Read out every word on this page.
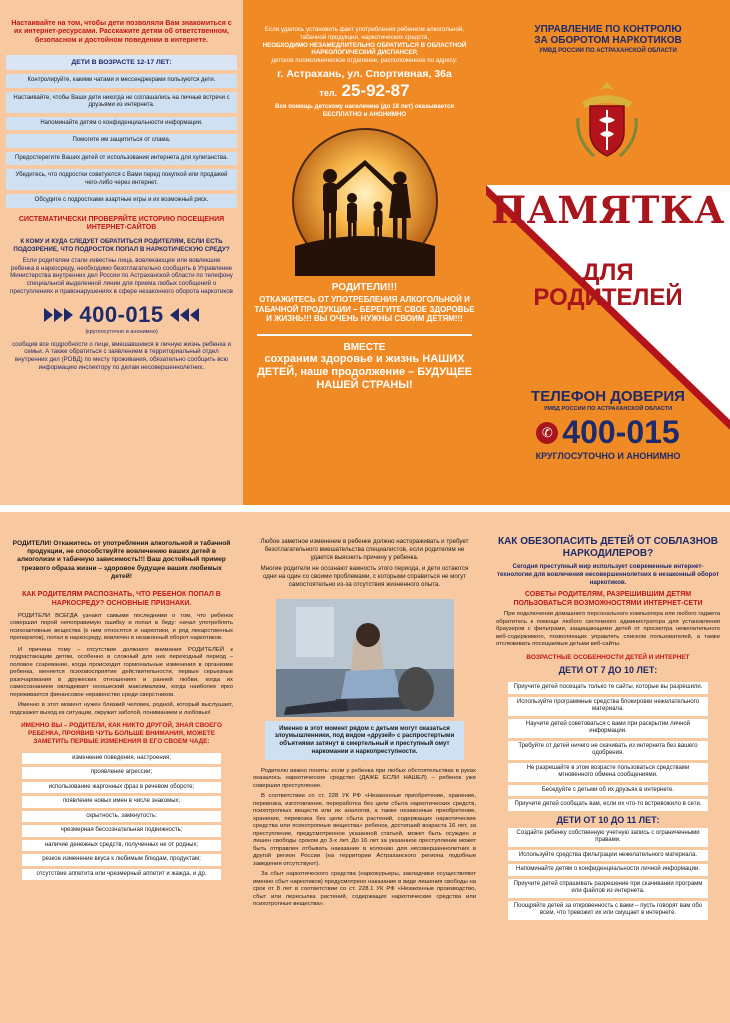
Настаивайте на том, чтобы дети позволяли Вам знакомиться с их интернет-ресурсами. Расскажите детям об ответственном, безопасном и достойном поведении в интернете.
ДЕТИ В ВОЗРАСТЕ 12-17 ЛЕТ:
Контролируйте, какими чатами и мессенджерами пользуются дети.
Настаивайте, чтобы Ваши дети никогда не соглашались на личные встречи с друзьями из интернета.
Напоминайте детям о конфиденциальности информации.
Помогите им защититься от спама.
Предостерегите Ваших детей от использования интернета для хулиганства.
Убедитесь, что подростки советуются с Вами перед покупкой или продажей чего-либо через интернет.
Обсудите с подростками азартные игры и их возможный риск.
СИСТЕМАТИЧЕСКИ ПРОВЕРЯЙТЕ ИСТОРИЮ ПОСЕЩЕНИЯ ИНТЕРНЕТ-САЙТОВ
К КОМУ И КУДА СЛЕДУЕТ ОБРАТИТЬСЯ РОДИТЕЛЯМ, ЕСЛИ ЕСТЬ ПОДОЗРЕНИЕ, ЧТО ПОДРОСТОК ПОПАЛ В НАРКОТИЧЕСКУЮ СРЕДУ?
Если родителям стали известны лица, вовлекающие или вовлекшие ребенка в наркосреду, необходимо безотлагательно сообщить в Управление Министерства внутренних дел России по Астраханской области по телефону специальной выделенной линии для приема любых сообщений о преступлениях и правонарушениях в сфере незаконного оборота наркотиков
400-015
(круглосуточно и анонимно)
сообщив все подробности о лице, вмешавшемся в личную жизнь ребенка и семьи. А также обратиться с заявлением в территориальный отдел внутренних дел (РОВД) по месту проживания, обязательно сообщить всю информацию инспектору по делам несовершеннолетних.
Если удалось установить факт употребления ребенком алкогольной, табачной продукции, наркотических средств,
НЕОБХОДИМО НЕЗАМЕДЛИТЕЛЬНО ОБРАТИТЬСЯ В ОБЛАСТНОЙ НАРКОЛОГИЧЕСКИЙ ДИСПАНСЕР,
детское поликлиническое отделение, расположенное по адресу:
г. Астрахань, ул. Спортивная, 36а
тел. 25-92-87
Вся помощь детскому населению (до 18 лет) оказывается БЕСПЛАТНО и АНОНИМНО
РОДИТЕЛИ!!!
ОТКАЖИТЕСЬ ОТ УПОТРЕБЛЕНИЯ АЛКОГОЛЬНОЙ И ТАБАЧНОЙ ПРОДУКЦИИ – БЕРЕГИТЕ СВОЕ ЗДОРОВЬЕ И ЖИЗНЬ!!! ВЫ ОЧЕНЬ НУЖНЫ СВОИМ ДЕТЯМ!!!
ВМЕСТЕ
сохраним здоровье и жизнь НАШИХ ДЕТЕЙ, наше продолжение – БУДУЩЕЕ НАШЕЙ СТРАНЫ!
УПРАВЛЕНИЕ ПО КОНТРОЛЮ
ЗА ОБОРОТОМ НАРКОТИКОВ
УМВД РОССИИ ПО АСТРАХАНСКОЙ ОБЛАСТИ
ПАМЯТКА
ДЛЯ
РОДИТЕЛЕЙ
ТЕЛЕФОН ДОВЕРИЯ
УМВД РОССИИ ПО АСТРАХАНСКОЙ ОБЛАСТИ
✆ 400-015
КРУГЛОСУТОЧНО И АНОНИМНО
РОДИТЕЛИ! Откажитесь от употребления алкогольной и табачной продукции, не способствуйте вовлечению ваших детей в алкоголизм и табачную зависимость!!! Ваш достойный пример трезвого образа жизни – здоровое будущее ваших любимых детей!
КАК РОДИТЕЛЯМ РАСПОЗНАТЬ, ЧТО РЕБЕНОК ПОПАЛ В НАРКОСРЕДУ? ОСНОВНЫЕ ПРИЗНАКИ.
РОДИТЕЛИ ВСЕГДА узнают самыми последними о том, что ребенок совершил порой непоправимую ошибку и попал в беду: начал употреблять психоактивные вещества (к ним относятся и наркотики, и ряд лекарственных препаратов), попал в наркосреду, вовлечен в незаконный оборот наркотиков.
И причина тому – отсутствие должного внимания РОДИТЕЛЕЙ к подрастающим детям, особенно в сложный для них переходный период – половое созревание, когда происходит гормональные изменения в организме ребенка, меняется психовосприятие действительности, первые серьезные разочарования в дружеских отношениях и ранней любви, когда их самосознанием овладевает юношеский максимализм, когда наиболее ярко переживается финансовое неравенство среди сверстников.
Именно в этот момент нужен близкий человек, родной, который выслушает, подскажет выход из ситуации, окружит заботой, пониманием и любовью!
ИМЕННО ВЫ – РОДИТЕЛИ, КАК НИКТО ДРУГОЙ, ЗНАЯ СВОЕГО РЕБЕНКА, ПРОЯВИВ ЧУТЬ БОЛЬШЕ ВНИМАНИЯ, МОЖЕТЕ ЗАМЕТИТЬ ПЕРВЫЕ ИЗМЕНЕНИЯ В ЕГО СВОЕМ ЧАДЕ:
изменение поведения, настроения;
проявление агрессии;
использование жаргонных фраз в речевом обороте;
появление новых имен в числе знакомых;
скрытность, замкнутость;
чрезмерная бессознательная подвижность;
наличие денежных средств, полученных не от родных;
резкое изменение вкуса к любимым блюдам, продуктам;
отсутствие аппетита или чрезмерный аппетит и жажда, и др.
Любое заметное изменение в ребенке должно настораживать и требует безотлагательного вмешательства специалистов, если родителям не удается выяснить причину у ребенка.
Многие родители не осознают важность этого периода, и дети остаются одни на один со своими проблемами, с которыми справиться не могут самостоятельно из-за отсутствия жизненного опыта.
Именно в этот момент рядом с детьми могут оказаться злоумышленники, под видом «друзей» с распростертыми объятиями затянут в смертельный и преступный омут наркомании и наркопреступности.
Родителю важно понять: если у ребенка при любых обстоятельствах в руках оказалось наркотическое средство (ДАЖЕ ЕСЛИ НАШЕЛ) – ребенок уже совершил преступление.
В соответствии со ст. 228 УК РФ «Незаконные приобретение, хранение, перевозка, изготовление, переработка без цели сбыта наркотических средств, психотропных веществ или их аналогов, а также незаконные приобретение, хранение, перевозка без цели сбыта растений, содержащих наркотические средства или психотропные вещества» ребенок, достигший возраста 16 лет, за преступление, предусмотренное указанной статьей, может быть осужден и лишен свободы сроком до 3-х лет. До 16 лет за указанное преступление может быть отправлен отбывать наказание в колонию для несовершеннолетних в другой регион России (на территории Астраханского региона подобные заведения отсутствуют).
За сбыт наркотического средства (наркокурьеры, закладчики осуществляют именно сбыт наркотиков) предусмотрено наказание в виде лишения свободы на срок от 8 лет в соответствии со ст. 228.1 УК РФ «Незаконные производство, сбыт или пересылка растений, содержащих наркотические средства или психотропные вещества».
КАК ОБЕЗОПАСИТЬ ДЕТЕЙ ОТ СОБЛАЗНОВ НАРКОДИЛЕРОВ?
Сегодня преступный мир использует современные интернет-технологии для вовлечения несовершеннолетних в незаконный оборот наркотиков.
СОВЕТЫ РОДИТЕЛЯМ, РАЗРЕШИВШИМ ДЕТЯМ ПОЛЬЗОВАТЬСЯ ВОЗМОЖНОСТЯМИ ИНТЕРНЕТ-СЕТИ
При подключении домашнего персонального компьютера или любого гаджета обратитесь к помощи любого системного администратора для установления браузеров с фильтрами, защищающими детей от просмотра нежелательного веб-содержимого, позволяющих управлять списком пользователей, а также отслеживать посещаемые детьми веб-сайты.
ВОЗРАСТНЫЕ ОСОБЕННОСТИ ДЕТЕЙ И ИНТЕРНЕТ
ДЕТИ ОТ 7 ДО 10 ЛЕТ:
Приучите детей посещать только те сайты, которые вы разрешили.
Используйте программные средства блокировки нежелательного материала.
Научите детей советоваться с вами при раскрытии личной информации.
Требуйте от детей ничего не скачивать из интернета без вашего одобрения.
Не разрешайте в этом возрасте пользоваться средствами мгновенного обмена сообщениями.
Беседуйте с детьми об их друзьях в интернете.
Приучите детей сообщать вам, если их что-то встревожило в сети.
ДЕТИ ОТ 10 ДО 11 ЛЕТ:
Создайте ребенку собственную учетную запись с ограниченными правами.
Используйте средства фильтрации нежелательного материала.
Напоминайте детям о конфиденциальности личной информации.
Приучите детей спрашивать разрешение при скачивании программ или файлов из интернета.
Поощряйте детей за откровенность с вами – пусть говорят вам обо всем, что тревожит их или смущает в интернете.
